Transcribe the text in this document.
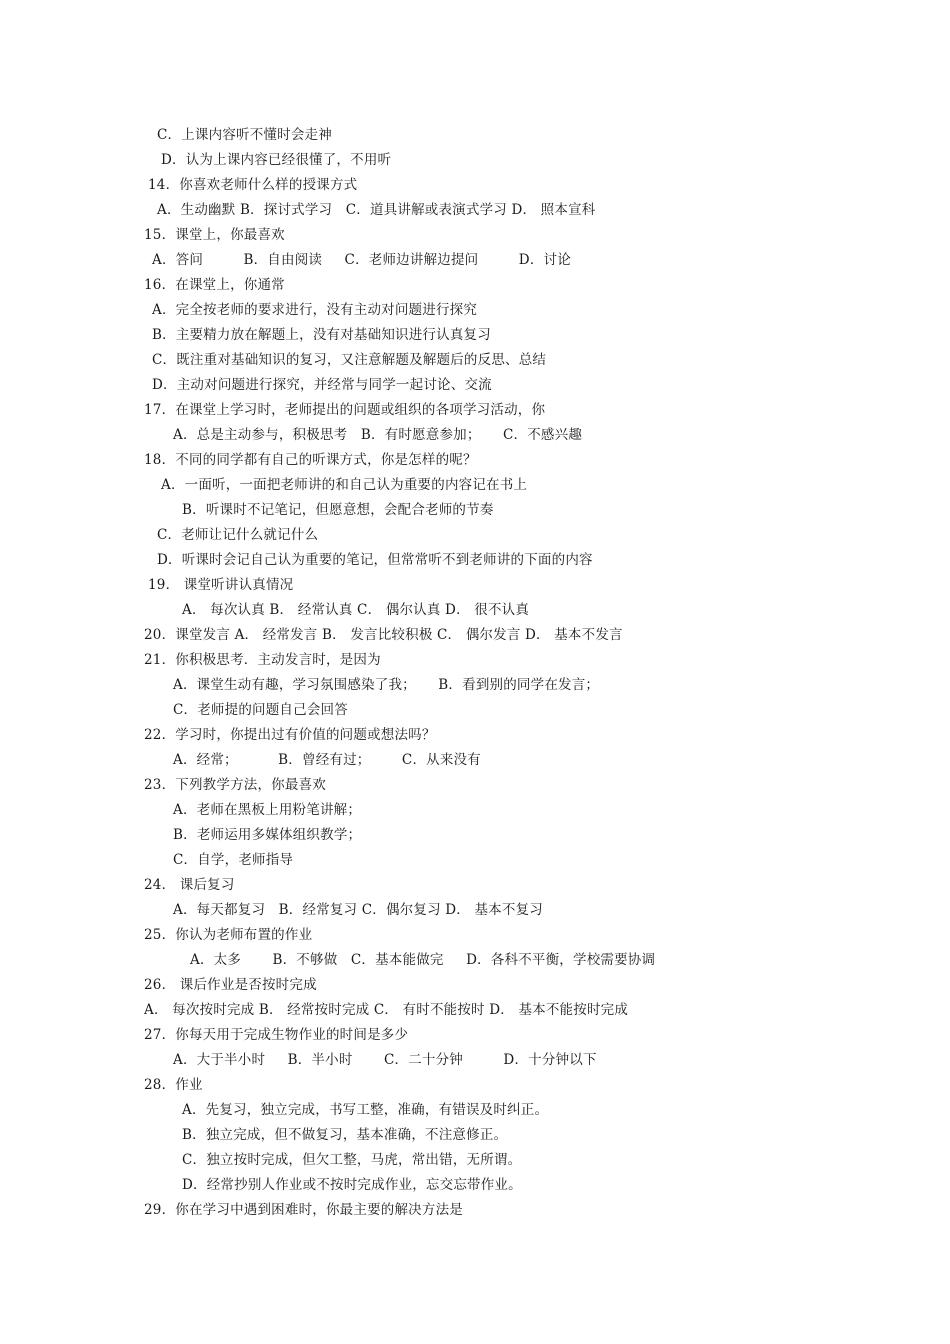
C．上课内容听不懂时会走神
D．认为上课内容已经很懂了，不用听
14．你喜欢老师什么样的授课方式
A．生动幽默 B．探讨式学习   C．道具讲解或表演式学习 D． 照本宣科
15．课堂上，你最喜欢
A．答问         B．自由阅读     C．老师边讲解边提问         D．讨论
16．在课堂上，你通常
A．完全按老师的要求进行，没有主动对问题进行探究
B．主要精力放在解题上，没有对基础知识进行认真复习
C．既注重对基础知识的复习，又注意解题及解题后的反思、总结
D．主动对问题进行探究，并经常与同学一起讨论、交流
17．在课堂上学习时，老师提出的问题或组织的各项学习活动，你
A．总是主动参与，积极思考   B．有时愿意参加；     C．不感兴趣
18．不同的同学都有自己的听课方式，你是怎样的呢？
A．一面听，一面把老师讲的和自己认为重要的内容记在书上
B．听课时不记笔记，但愿意想，会配合老师的节奏
C．老师让记什么就记什么
D．听课时会记自己认为重要的笔记，但常常听不到老师讲的下面的内容
19． 课堂听讲认真情况
A． 每次认真 B． 经常认真 C． 偶尔认真 D． 很不认真
20．课堂发言 A． 经常发言 B． 发言比较积极 C． 偶尔发言 D． 基本不发言
21．你积极思考．主动发言时，是因为
A．课堂生动有趣，学习氛围感染了我；     B．看到别的同学在发言；
C．老师提的问题自己会回答
22．学习时，你提出过有价值的问题或想法吗？
A．经常；         B．曾经有过；       C．从来没有
23．下列教学方法，你最喜欢
A．老师在黑板上用粉笔讲解；
B．老师运用多媒体组织教学；
C．自学，老师指导
24． 课后复习
A．每天都复习   B．经常复习 C．偶尔复习 D． 基本不复习
25．你认为老师布置的作业
A．太多       B．不够做   C．基本能做完     D．各科不平衡，学校需要协调
26． 课后作业是否按时完成
A． 每次按时完成 B． 经常按时完成 C． 有时不能按时 D． 基本不能按时完成
27．你每天用于完成生物作业的时间是多少
A．大于半小时     B．半小时       C．二十分钟         D．十分钟以下
28．作业
A．先复习，独立完成，书写工整，准确，有错误及时纠正。
B．独立完成，但不做复习，基本准确，不注意修正。
C．独立按时完成，但欠工整，马虎，常出错，无所谓。
D．经常抄别人作业或不按时完成作业，忘交忘带作业。
29．你在学习中遇到困难时，你最主要的解决方法是
